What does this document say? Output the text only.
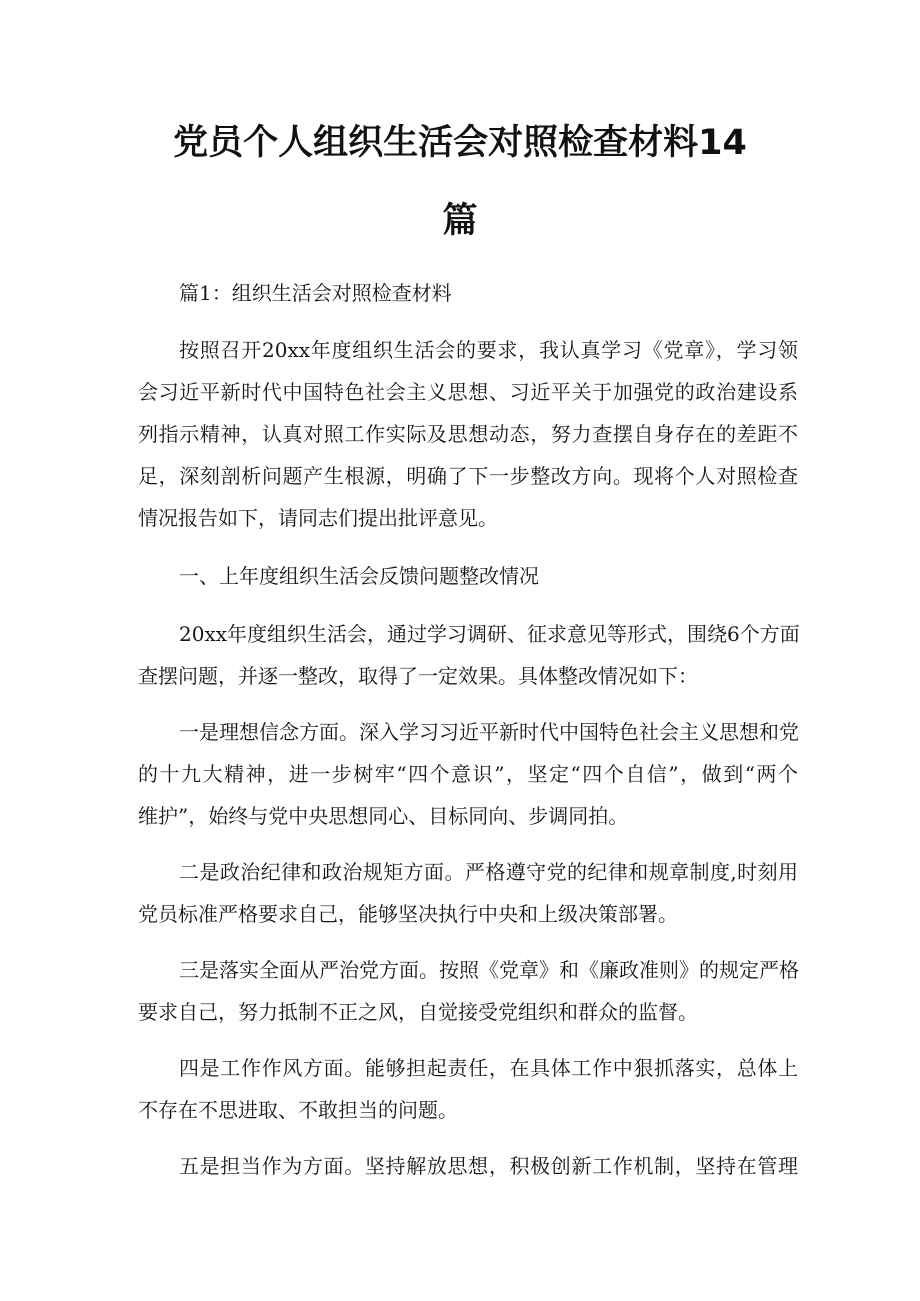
党员个人组织生活会对照检查材料14
篇
篇1：组织生活会对照检查材料
按照召开20xx年度组织生活会的要求，我认真学习《党章》，学习领
会习近平新时代中国特色社会主义思想、习近平关于加强党的政治建设系
列指示精神，认真对照工作实际及思想动态，努力查摆自身存在的差距不
足，深刻剖析问题产生根源，明确了下一步整改方向。现将个人对照检查
情况报告如下，请同志们提出批评意见。
一、上年度组织生活会反馈问题整改情况
20xx年度组织生活会，通过学习调研、征求意见等形式，围绕6个方面
查摆问题，并逐一整改，取得了一定效果。具体整改情况如下：
一是理想信念方面。深入学习习近平新时代中国特色社会主义思想和党
的十九大精神，进一步树牢“四个意识”，坚定“四个自信”，做到“两个
维护”，始终与党中央思想同心、目标同向、步调同拍。
二是政治纪律和政治规矩方面。严格遵守党的纪律和规章制度,时刻用
党员标准严格要求自己，能够坚决执行中央和上级决策部署。
三是落实全面从严治党方面。按照《党章》和《廉政准则》的规定严格
要求自己，努力抵制不正之风，自觉接受党组织和群众的监督。
四是工作作风方面。能够担起责任，在具体工作中狠抓落实，总体上
不存在不思进取、不敢担当的问题。
五是担当作为方面。坚持解放思想，积极创新工作机制，坚持在管理
